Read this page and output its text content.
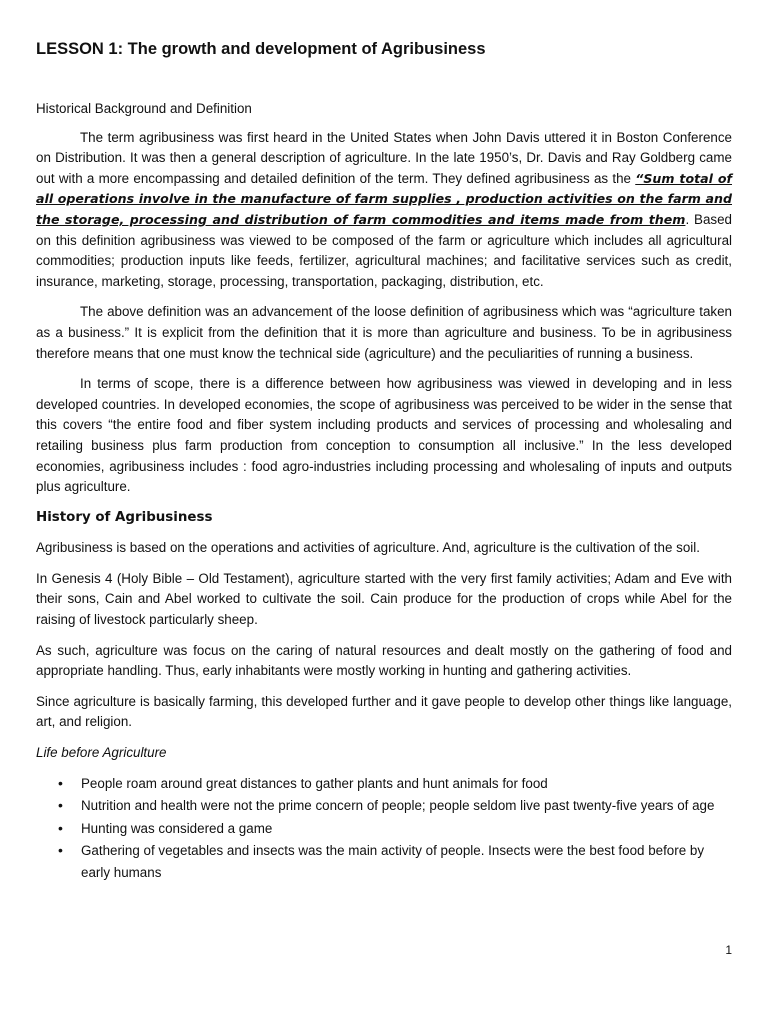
LESSON 1: The growth and development of Agribusiness
Historical Background and Definition

The term agribusiness was first heard in the United States when John Davis uttered it in Boston Conference on Distribution. It was then a general description of agriculture. In the late 1950’s, Dr. Davis and Ray Goldberg came out with a more encompassing and detailed definition of the term. They defined agribusiness as the “Sum total of all operations involve in the manufacture of farm supplies , production activities on the farm and the storage, processing and distribution of farm commodities and items made from them. Based on this definition agribusiness was viewed to be composed of the farm or agriculture which includes all agricultural commodities; production inputs like feeds, fertilizer, agricultural machines; and facilitative services such as credit, insurance, marketing, storage, processing, transportation, packaging, distribution, etc.

The above definition was an advancement of the loose definition of agribusiness which was “agriculture taken as a business.” It is explicit from the definition that it is more than agriculture and business. To be in agribusiness therefore means that one must know the technical side (agriculture) and the peculiarities of running a business.

In terms of scope, there is a difference between how agribusiness was viewed in developing and in less developed countries. In developed economies, the scope of agribusiness was perceived to be wider in the sense that this covers “the entire food and fiber system including products and services of processing and wholesaling and retailing business plus farm production from conception to consumption all inclusive.” In the less developed economies, agribusiness includes : food agro-industries including processing and wholesaling of inputs and outputs plus agriculture.

History of Agribusiness

Agribusiness is based on the operations and activities of agriculture. And, agriculture is the cultivation of the soil.

In Genesis 4 (Holy Bible – Old Testament), agriculture started with the very first family activities; Adam and Eve with their sons, Cain and Abel worked to cultivate the soil. Cain produce for the production of crops while Abel for the raising of livestock particularly sheep.

As such, agriculture was focus on the caring of natural resources and dealt mostly on the gathering of food and appropriate handling. Thus, early inhabitants were mostly working in hunting and gathering activities.

Since agriculture is basically farming, this developed further and it gave people to develop other things like language, art, and religion.

Life before Agriculture
• People roam around great distances to gather plants and hunt animals for food
• Nutrition and health were not the prime concern of people; people seldom live past twenty-five years of age
• Hunting was considered a game
• Gathering of vegetables and insects was the main activity of people. Insects were the best food before by early humans
1
